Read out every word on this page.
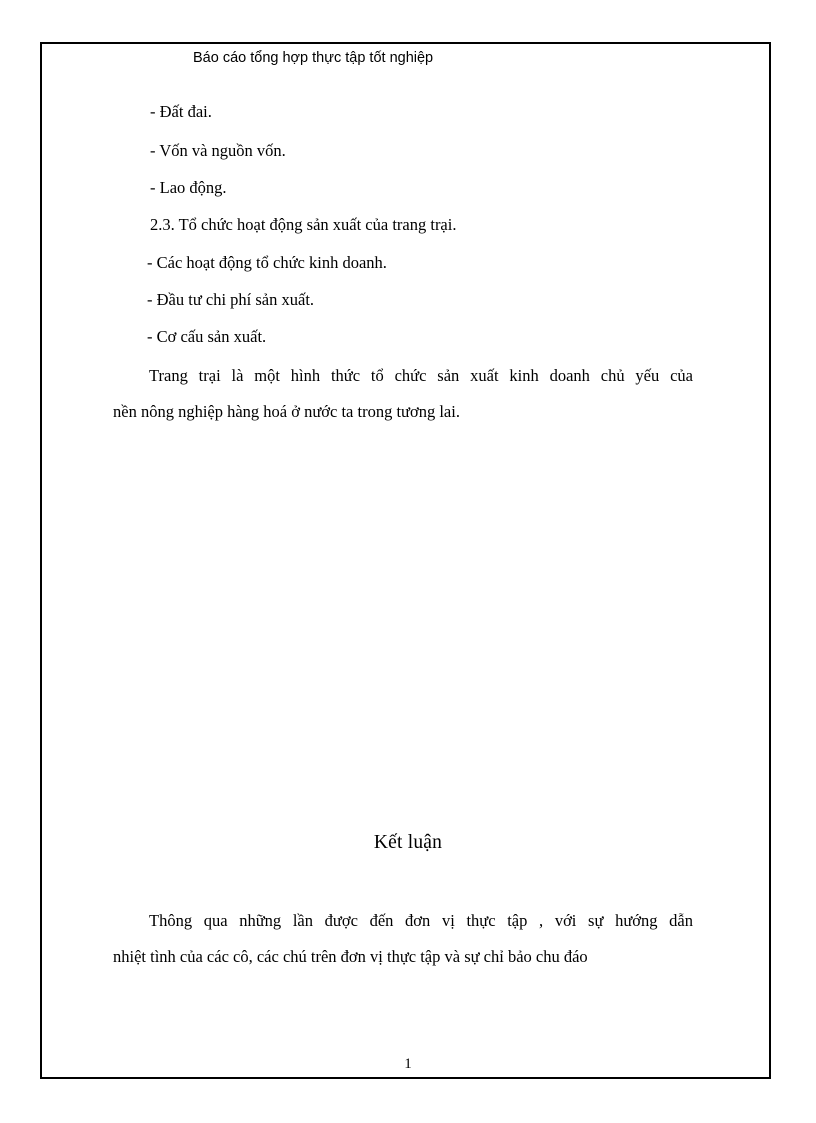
Báo cáo tổng hợp thực tập tốt nghiệp
- Đất đai.
- Vốn và nguồn vốn.
- Lao động.
2.3. Tổ chức hoạt động sản xuất của trang trại.
- Các hoạt động tổ chức kinh doanh.
- Đầu tư chi phí sản xuất.
- Cơ cấu sản xuất.
Trang trại là một hình thức tổ chức sản xuất kinh doanh chủ yếu của
nền nông nghiệp hàng hoá ở nước ta trong tương lai.
Kết luận
Thông qua những lần được đến đơn vị thực tập , với sự hướng dẫn
nhiệt tình của các cô, các chú trên đơn vị thực tập và sự chỉ bảo chu đáo
1
